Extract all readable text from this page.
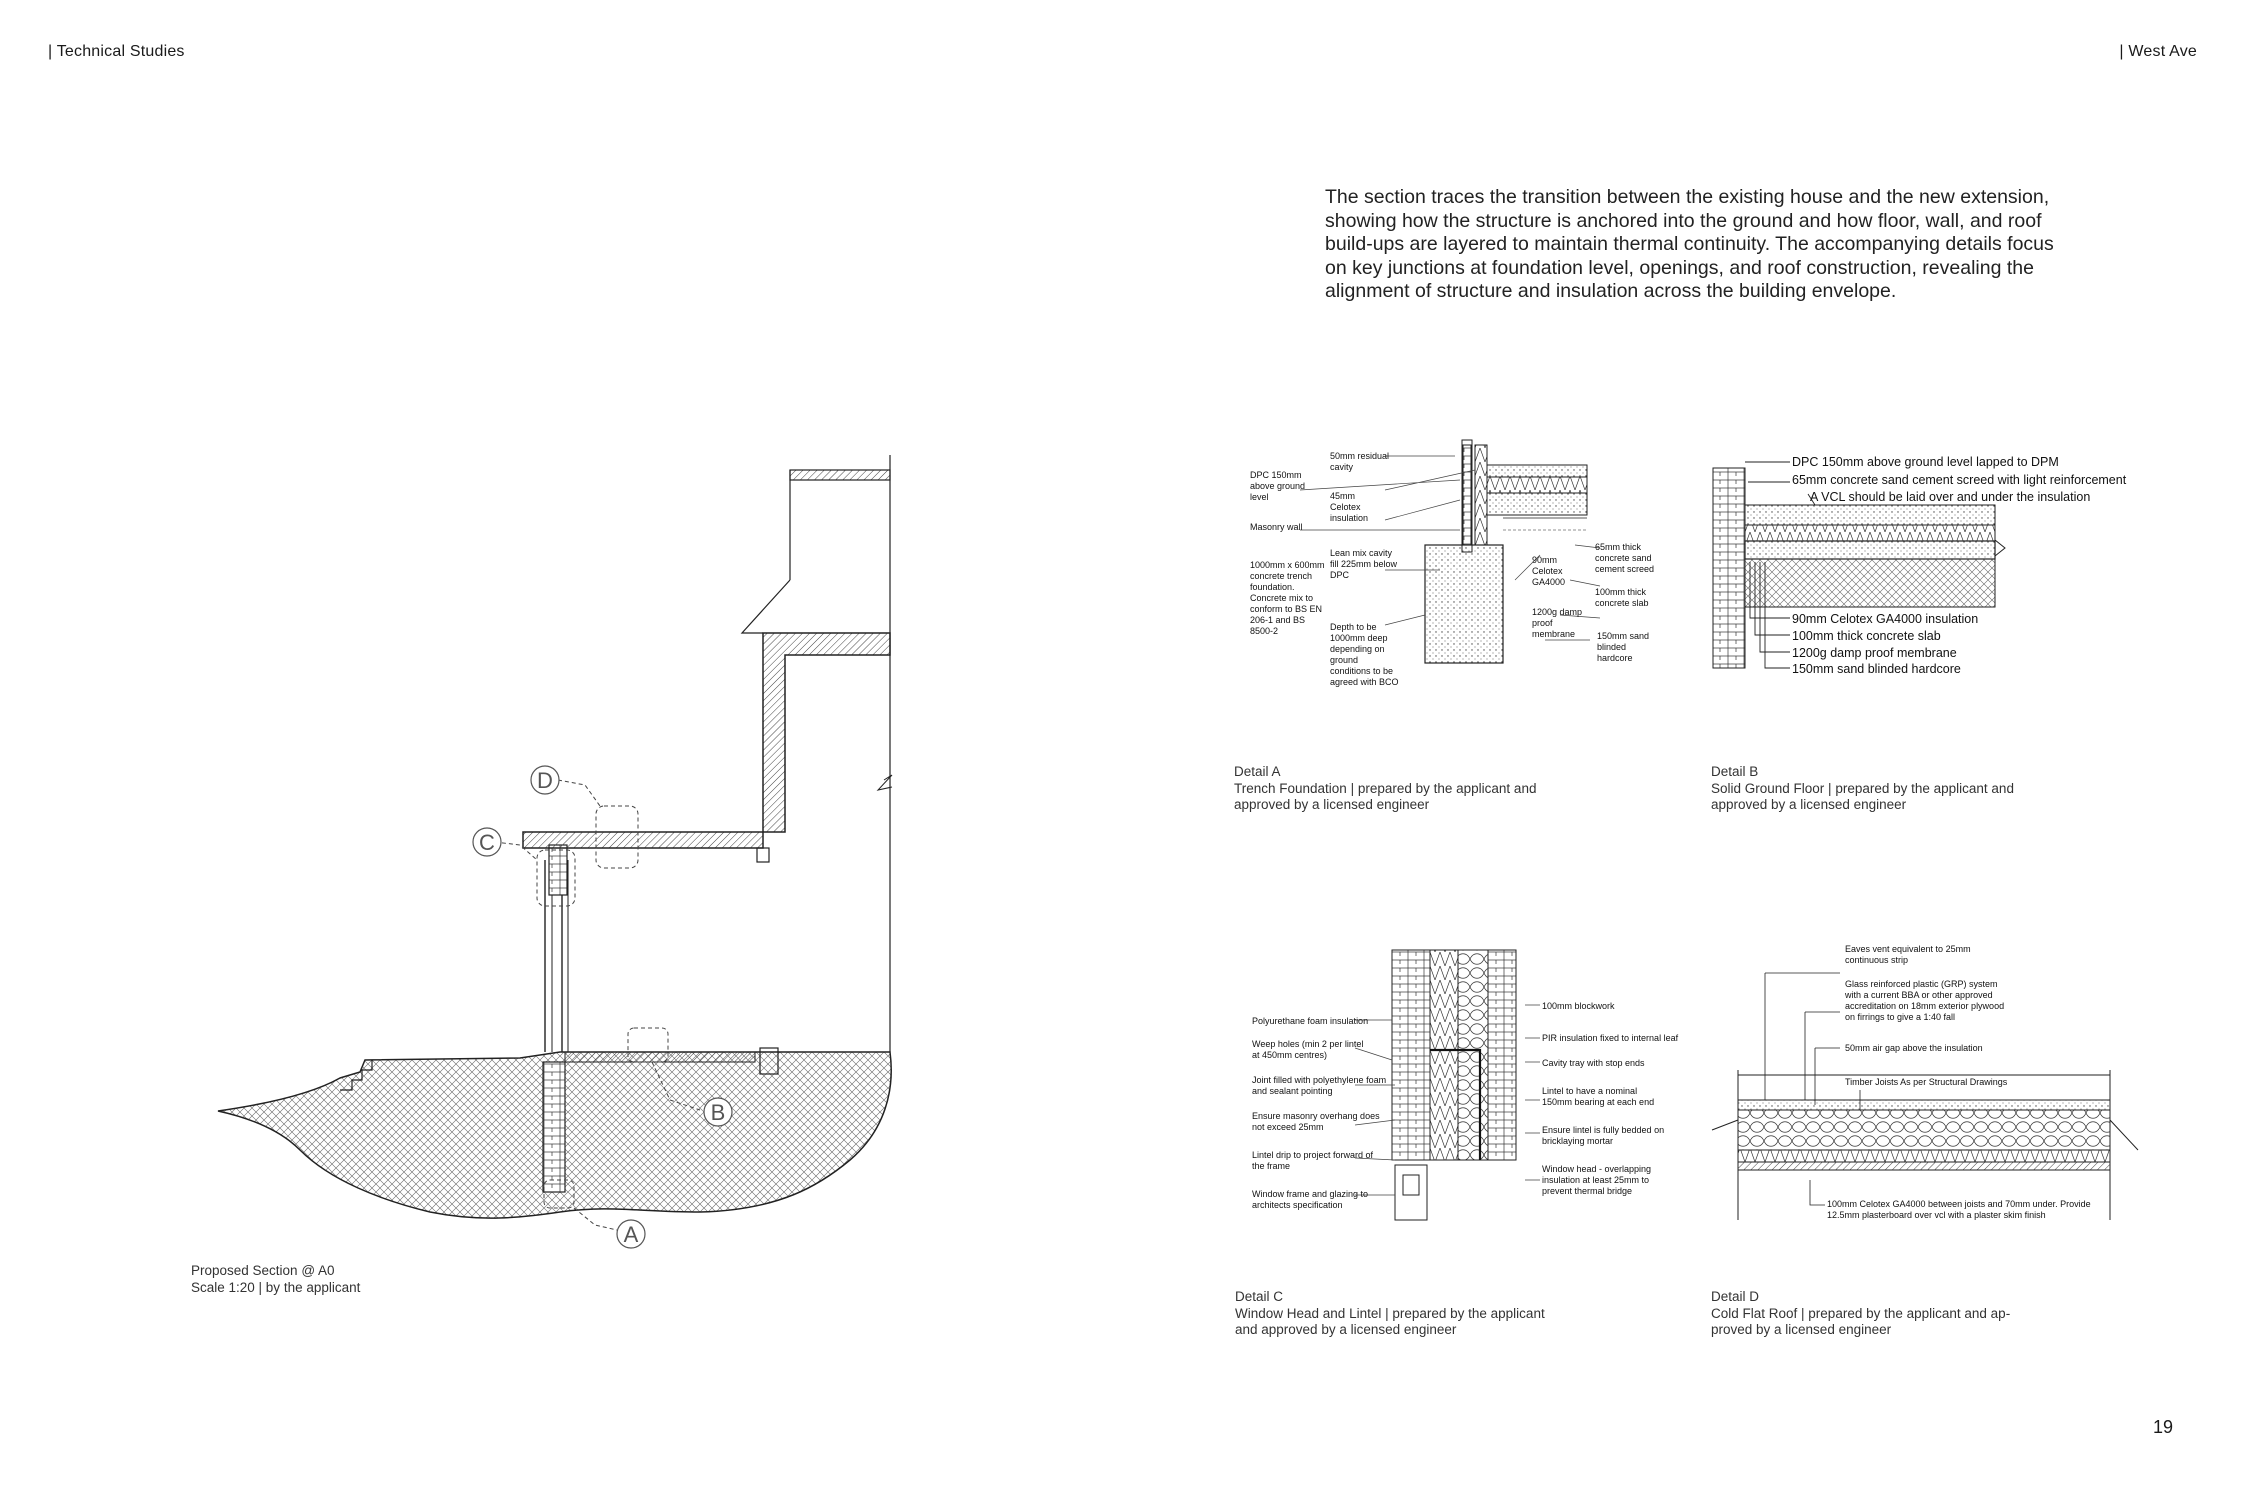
| Technical Studies	| West Ave
The section traces the transition between the existing house and the new extension, showing how the structure is anchored into the ground and how floor, wall, and roof build-ups are layered to maintain thermal continuity. The accompanying details focus on key junctions at foundation level, openings, and roof construction, revealing the alignment of structure and insulation across the building envelope.
A
B
C
D
DPC 150mm above ground level Masonry wall 1000mm x 600mm concrete trench foundation. Concrete mix to conform to BS EN 206-1 and BS 8500-2
50mm residual cavity 45mm Celotex insulation Lean mix cavity fill 225mm below DPC Depth to be 1000mm deep depending on ground conditions to be agreed with BCO
65mm thick concrete sand cement screed 90mm Celotex GA4000 100mm thick concrete slab 1200g damp proof membrane 150mm sand blinded hardcore
DPC 150mm above ground level lapped to DPM 65mm concrete sand cement screed with light reinforcement A VCL should be laid over and under the insulation
90mm Celotex GA4000 insulation 100mm thick concrete slab 1200g damp proof membrane 150mm sand blinded hardcore
Polyurethane foam insulation Weep holes (min 2 per lintel at 450mm centres) Joint filled with polyethylene foam and sealant pointing Ensure masonry overhang does not exceed 25mm Lintel drip to project forward of the frame Window frame and glazing to architects specification
100mm blockwork PIR insulation fixed to internal leaf Cavity tray with stop ends Lintel to have a nominal 150mm bearing at each end Ensure lintel is fully bedded on bricklaying mortar Window head - overlapping insulation at least 25mm to prevent thermal bridge
Eaves vent equivalent to 25mm continuous strip Glass reinforced plastic (GRP) system with a current BBA or other approved accreditation on 18mm exterior plywood on firrings to give a 1:40 fall 50mm air gap above the insulation Timber Joists As per Structural Drawings
100mm Celotex GA4000 between joists and 70mm under. Provide 12.5mm plasterboard over vcl with a plaster skim finish
Proposed Section @ A0
Scale 1:20 | by the applicant
Detail A
Trench Foundation | prepared by the applicant and
approved by a licensed engineer
Detail B
Solid Ground Floor | prepared by the applicant and
approved by a licensed engineer
Detail C
Window Head and Lintel | prepared by the applicant
and approved by a licensed engineer
Detail D
Cold Flat Roof | prepared by the applicant and ap-
proved by a licensed engineer
19
